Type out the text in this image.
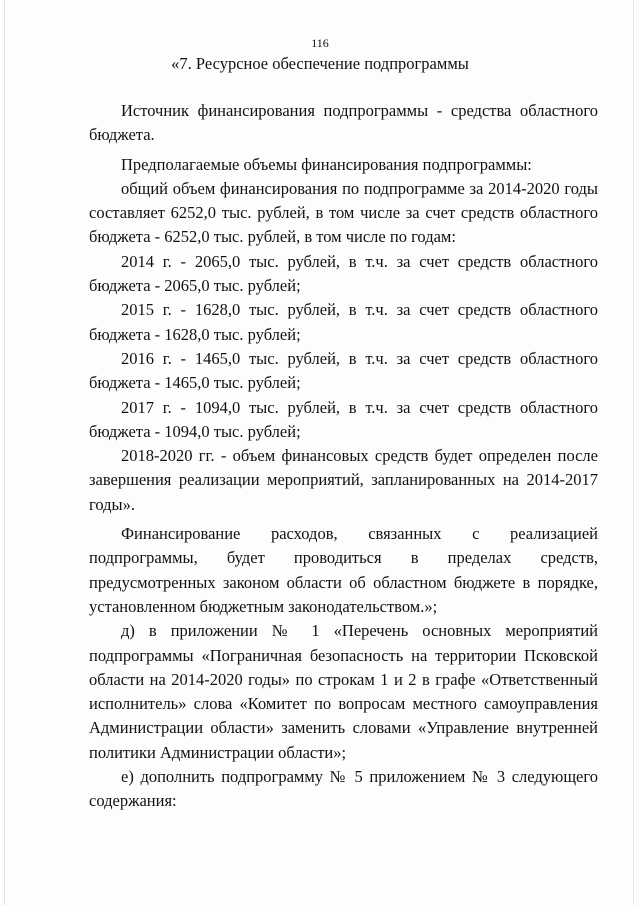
116
«7. Ресурсное обеспечение подпрограммы

Источник финансирования подпрограммы - средства областного бюджета.

Предполагаемые объемы финансирования подпрограммы:

общий объем финансирования по подпрограмме за 2014-2020 годы составляет 6252,0 тыс. рублей, в том числе за счет средств областного бюджета - 6252,0 тыс. рублей, в том числе по годам:

2014 г. - 2065,0 тыс. рублей, в т.ч. за счет средств областного бюджета - 2065,0 тыс. рублей;

2015 г. - 1628,0 тыс. рублей, в т.ч. за счет средств областного бюджета - 1628,0 тыс. рублей;

2016 г. - 1465,0 тыс. рублей, в т.ч. за счет средств областного бюджета - 1465,0 тыс. рублей;

2017 г. - 1094,0 тыс. рублей, в т.ч. за счет средств областного бюджета - 1094,0 тыс. рублей;

2018-2020 гг. - объем финансовых средств будет определен после завершения реализации мероприятий, запланированных на 2014-2017 годы».

Финансирование расходов, связанных с реализацией подпрограммы, будет проводиться в пределах средств, предусмотренных законом области об областном бюджете в порядке, установленном бюджетным законодательством.»;

д) в приложении № 1 «Перечень основных мероприятий подпрограммы «Пограничная безопасность на территории Псковской области на 2014-2020 годы» по строкам 1 и 2 в графе «Ответственный исполнитель» слова «Комитет по вопросам местного самоуправления Администрации области» заменить словами «Управление внутренней политики Администрации области»;

е) дополнить подпрограмму № 5 приложением № 3 следующего содержания:
